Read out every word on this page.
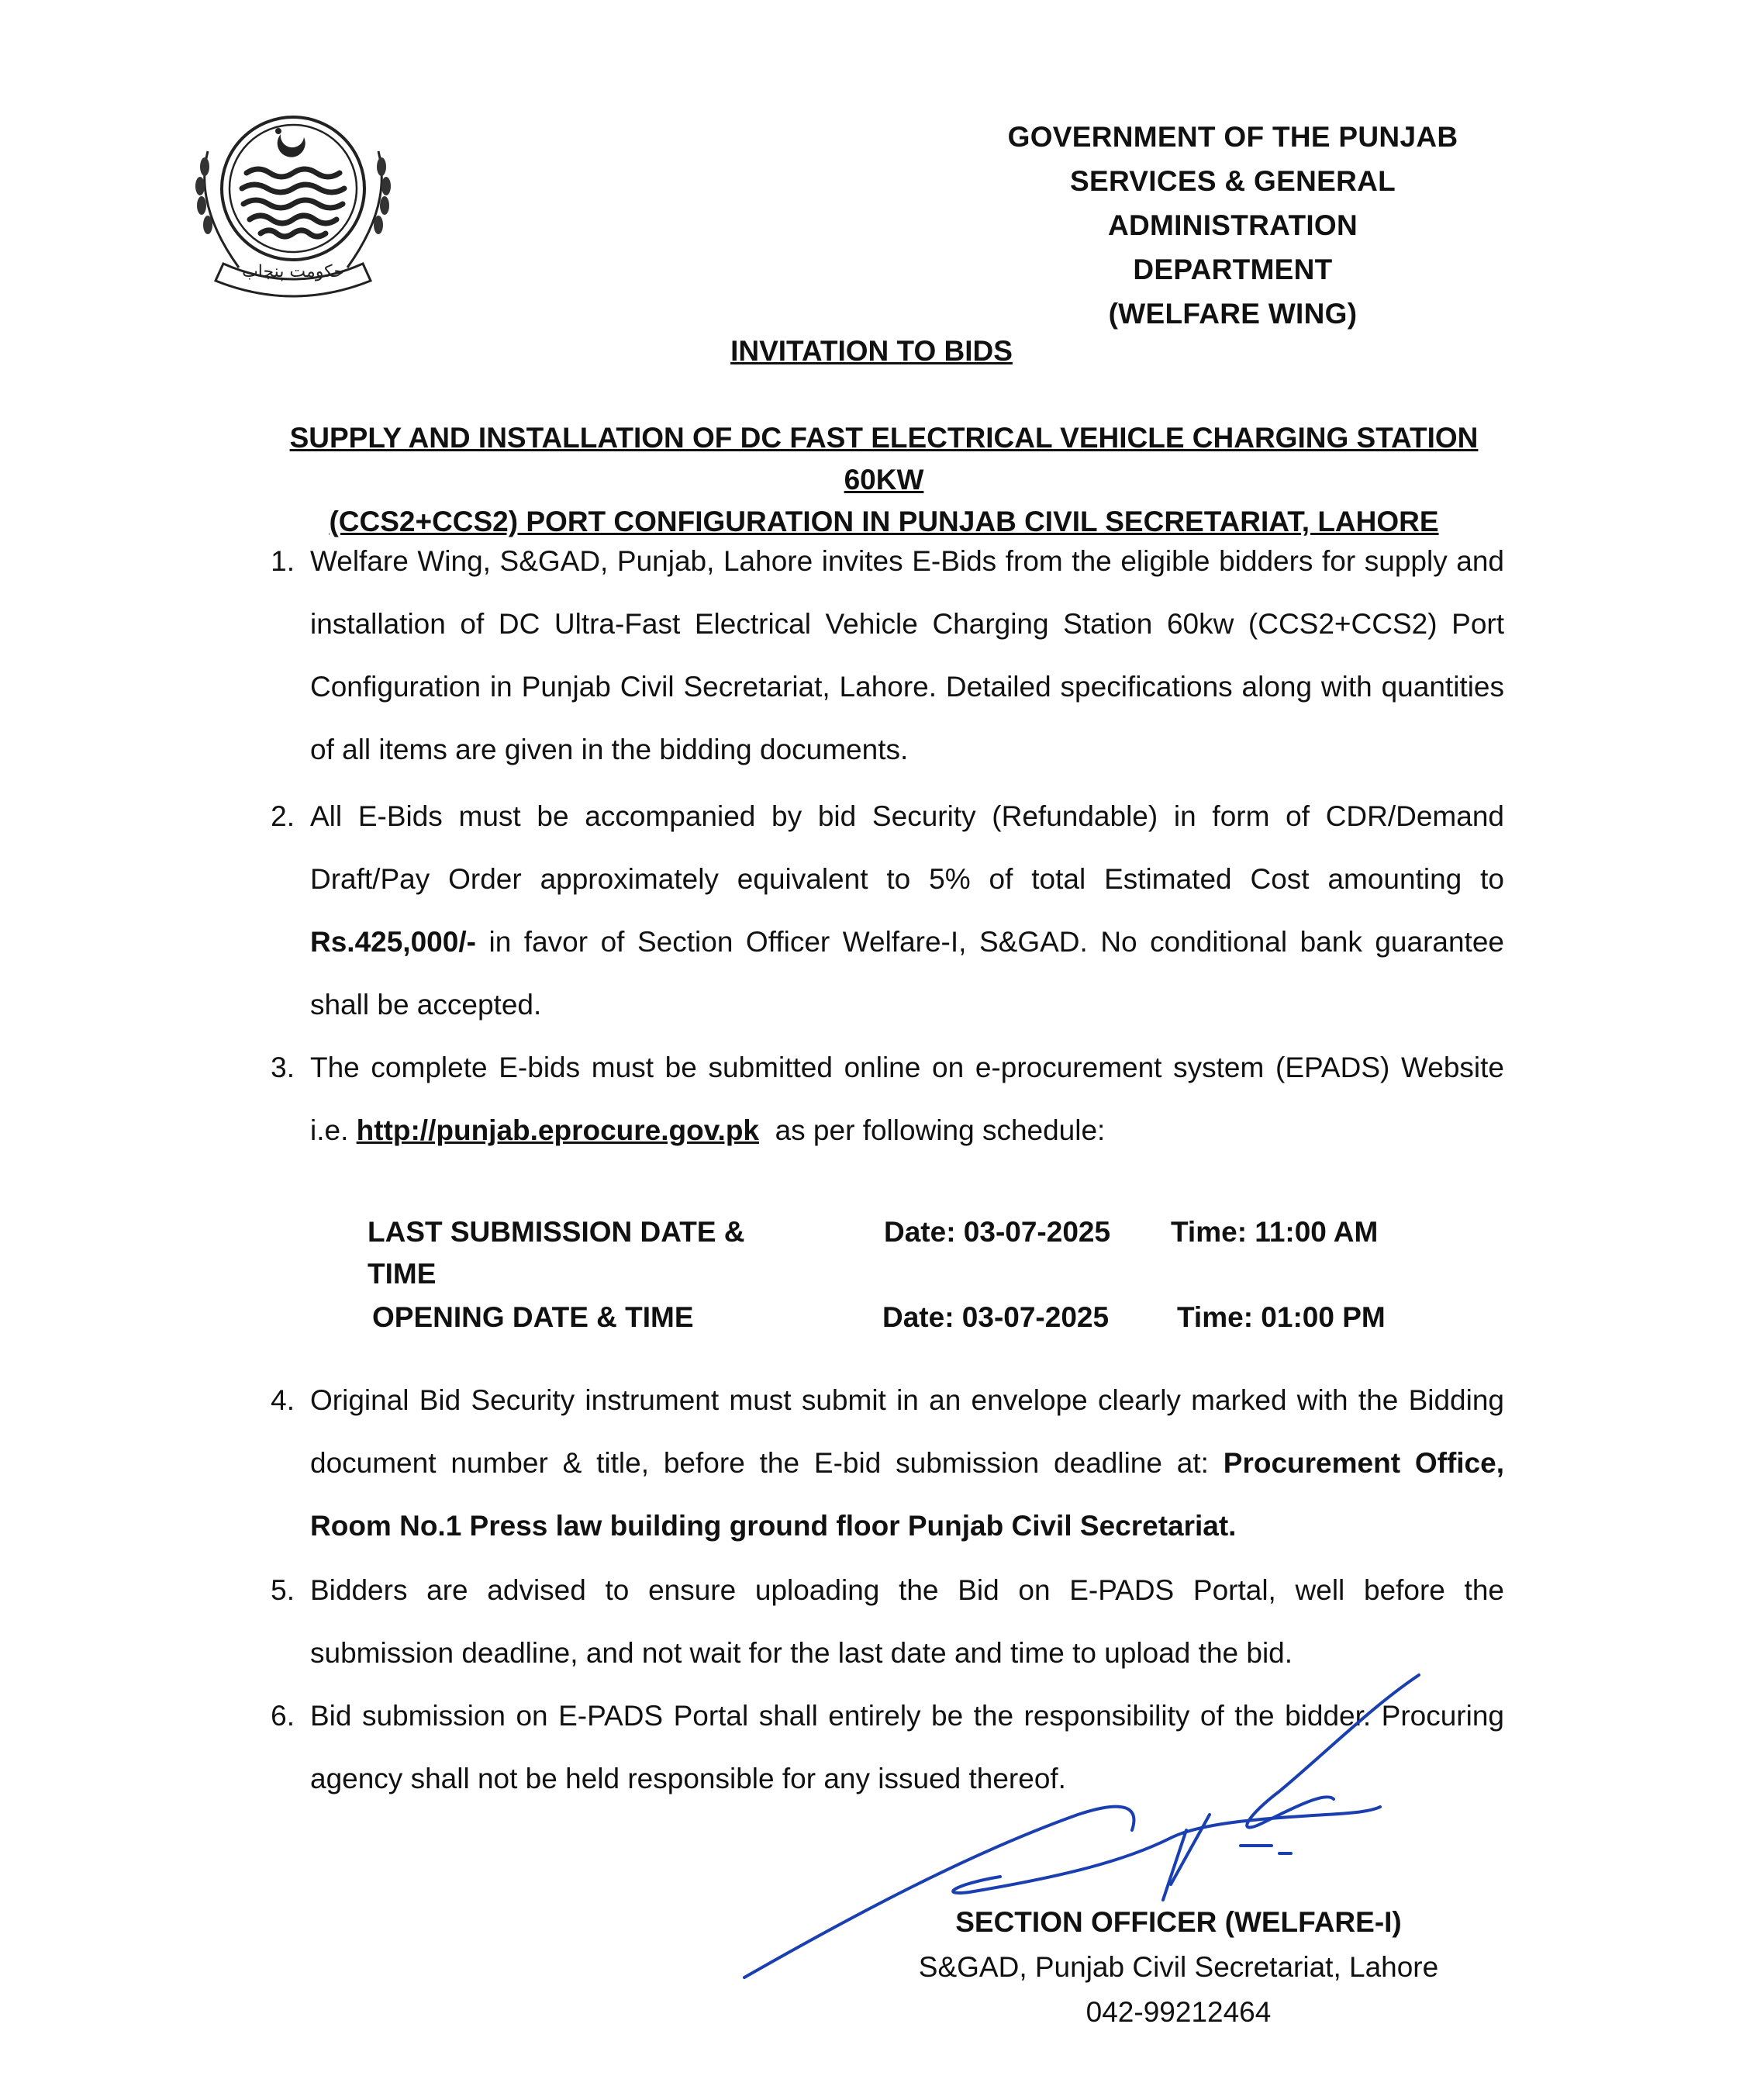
حکومت پنجاب
GOVERNMENT OF THE PUNJAB
SERVICES & GENERAL ADMINISTRATION
DEPARTMENT
(WELFARE WING)
INVITATION TO BIDS
SUPPLY AND INSTALLATION OF DC FAST ELECTRICAL VEHICLE CHARGING STATION 60KW
(CCS2+CCS2) PORT CONFIGURATION IN PUNJAB CIVIL SECRETARIAT, LAHORE
1. Welfare Wing, S&GAD, Punjab, Lahore invites E-Bids from the eligible bidders for supply and installation of DC Ultra-Fast Electrical Vehicle Charging Station 60kw (CCS2+CCS2) Port Configuration in Punjab Civil Secretariat, Lahore. Detailed specifications along with quantities of all items are given in the bidding documents.
2. All E-Bids must be accompanied by bid Security (Refundable) in form of CDR/Demand Draft/Pay Order approximately equivalent to 5% of total Estimated Cost amounting to Rs.425,000/- in favor of Section Officer Welfare-I, S&GAD. No conditional bank guarantee shall be accepted.
3. The complete E-bids must be submitted online on e-procurement system (EPADS) Website i.e. http://punjab.eprocure.gov.pk  as per following schedule:
LAST SUBMISSION DATE & TIME
Date: 03-07-2025 Time: 11:00 AM
OPENING DATE & TIME	Date: 03-07-2025 Time: 01:00 PM
4. Original Bid Security instrument must submit in an envelope clearly marked with the Bidding document number & title, before the E-bid submission deadline at: Procurement Office, Room No.1 Press law building ground floor Punjab Civil Secretariat.
5. Bidders are advised to ensure uploading the Bid on E-PADS Portal, well before the submission deadline, and not wait for the last date and time to upload the bid.
6. Bid submission on E-PADS Portal shall entirely be the responsibility of the bidder. Procuring agency shall not be held responsible for any issued thereof.
SECTION OFFICER (WELFARE-I)
S&GAD, Punjab Civil Secretariat, Lahore
042-99212464
